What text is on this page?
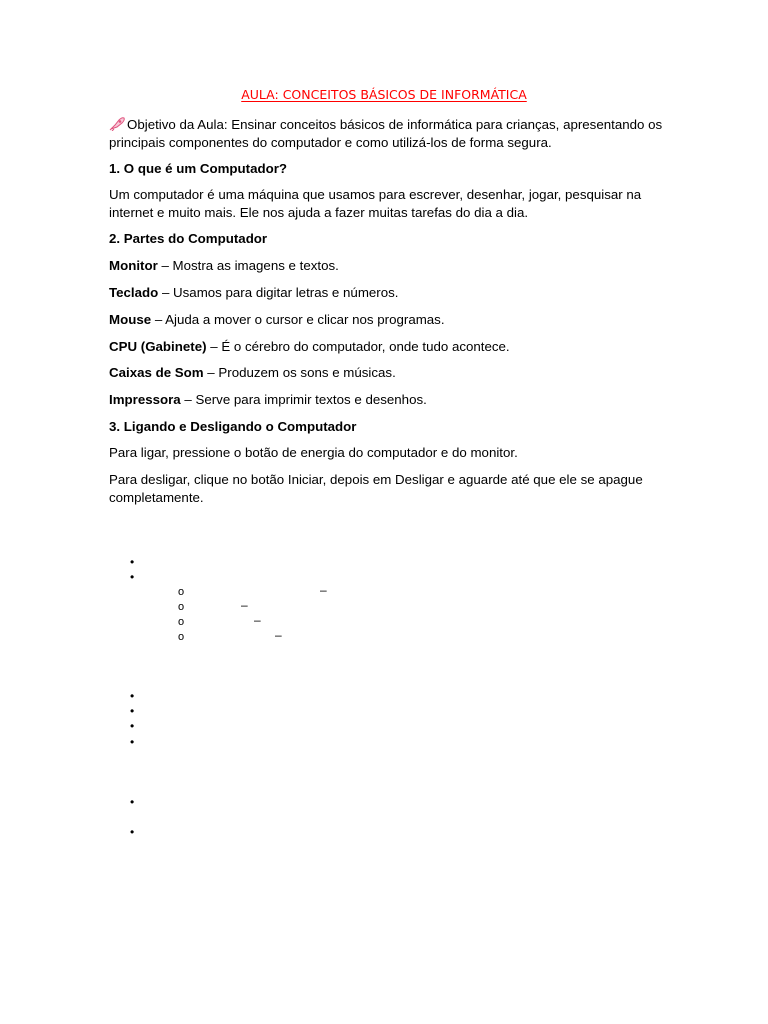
AULA: CONCEITOS BÁSICOS DE INFORMÁTICA
Objetivo da Aula: Ensinar conceitos básicos de informática para crianças, apresentando os principais componentes do computador e como utilizá-los de forma segura.
1. O que é um Computador?
Um computador é uma máquina que usamos para escrever, desenhar, jogar, pesquisar na internet e muito mais. Ele nos ajuda a fazer muitas tarefas do dia a dia.
2. Partes do Computador
Monitor – Mostra as imagens e textos.
Teclado – Usamos para digitar letras e números.
Mouse – Ajuda a mover o cursor e clicar nos programas.
CPU (Gabinete) – É o cérebro do computador, onde tudo acontece.
Caixas de Som – Produzem os sons e músicas.
Impressora – Serve para imprimir textos e desenhos.
3. Ligando e Desligando o Computador
Para ligar, pressione o botão de energia do computador e do monitor.
Para desligar, clique no botão Iniciar, depois em Desligar e aguarde até que ele se apague completamente.
•
•
o	–
o	–
o	–
o	–
•
•
•
•
•
•
